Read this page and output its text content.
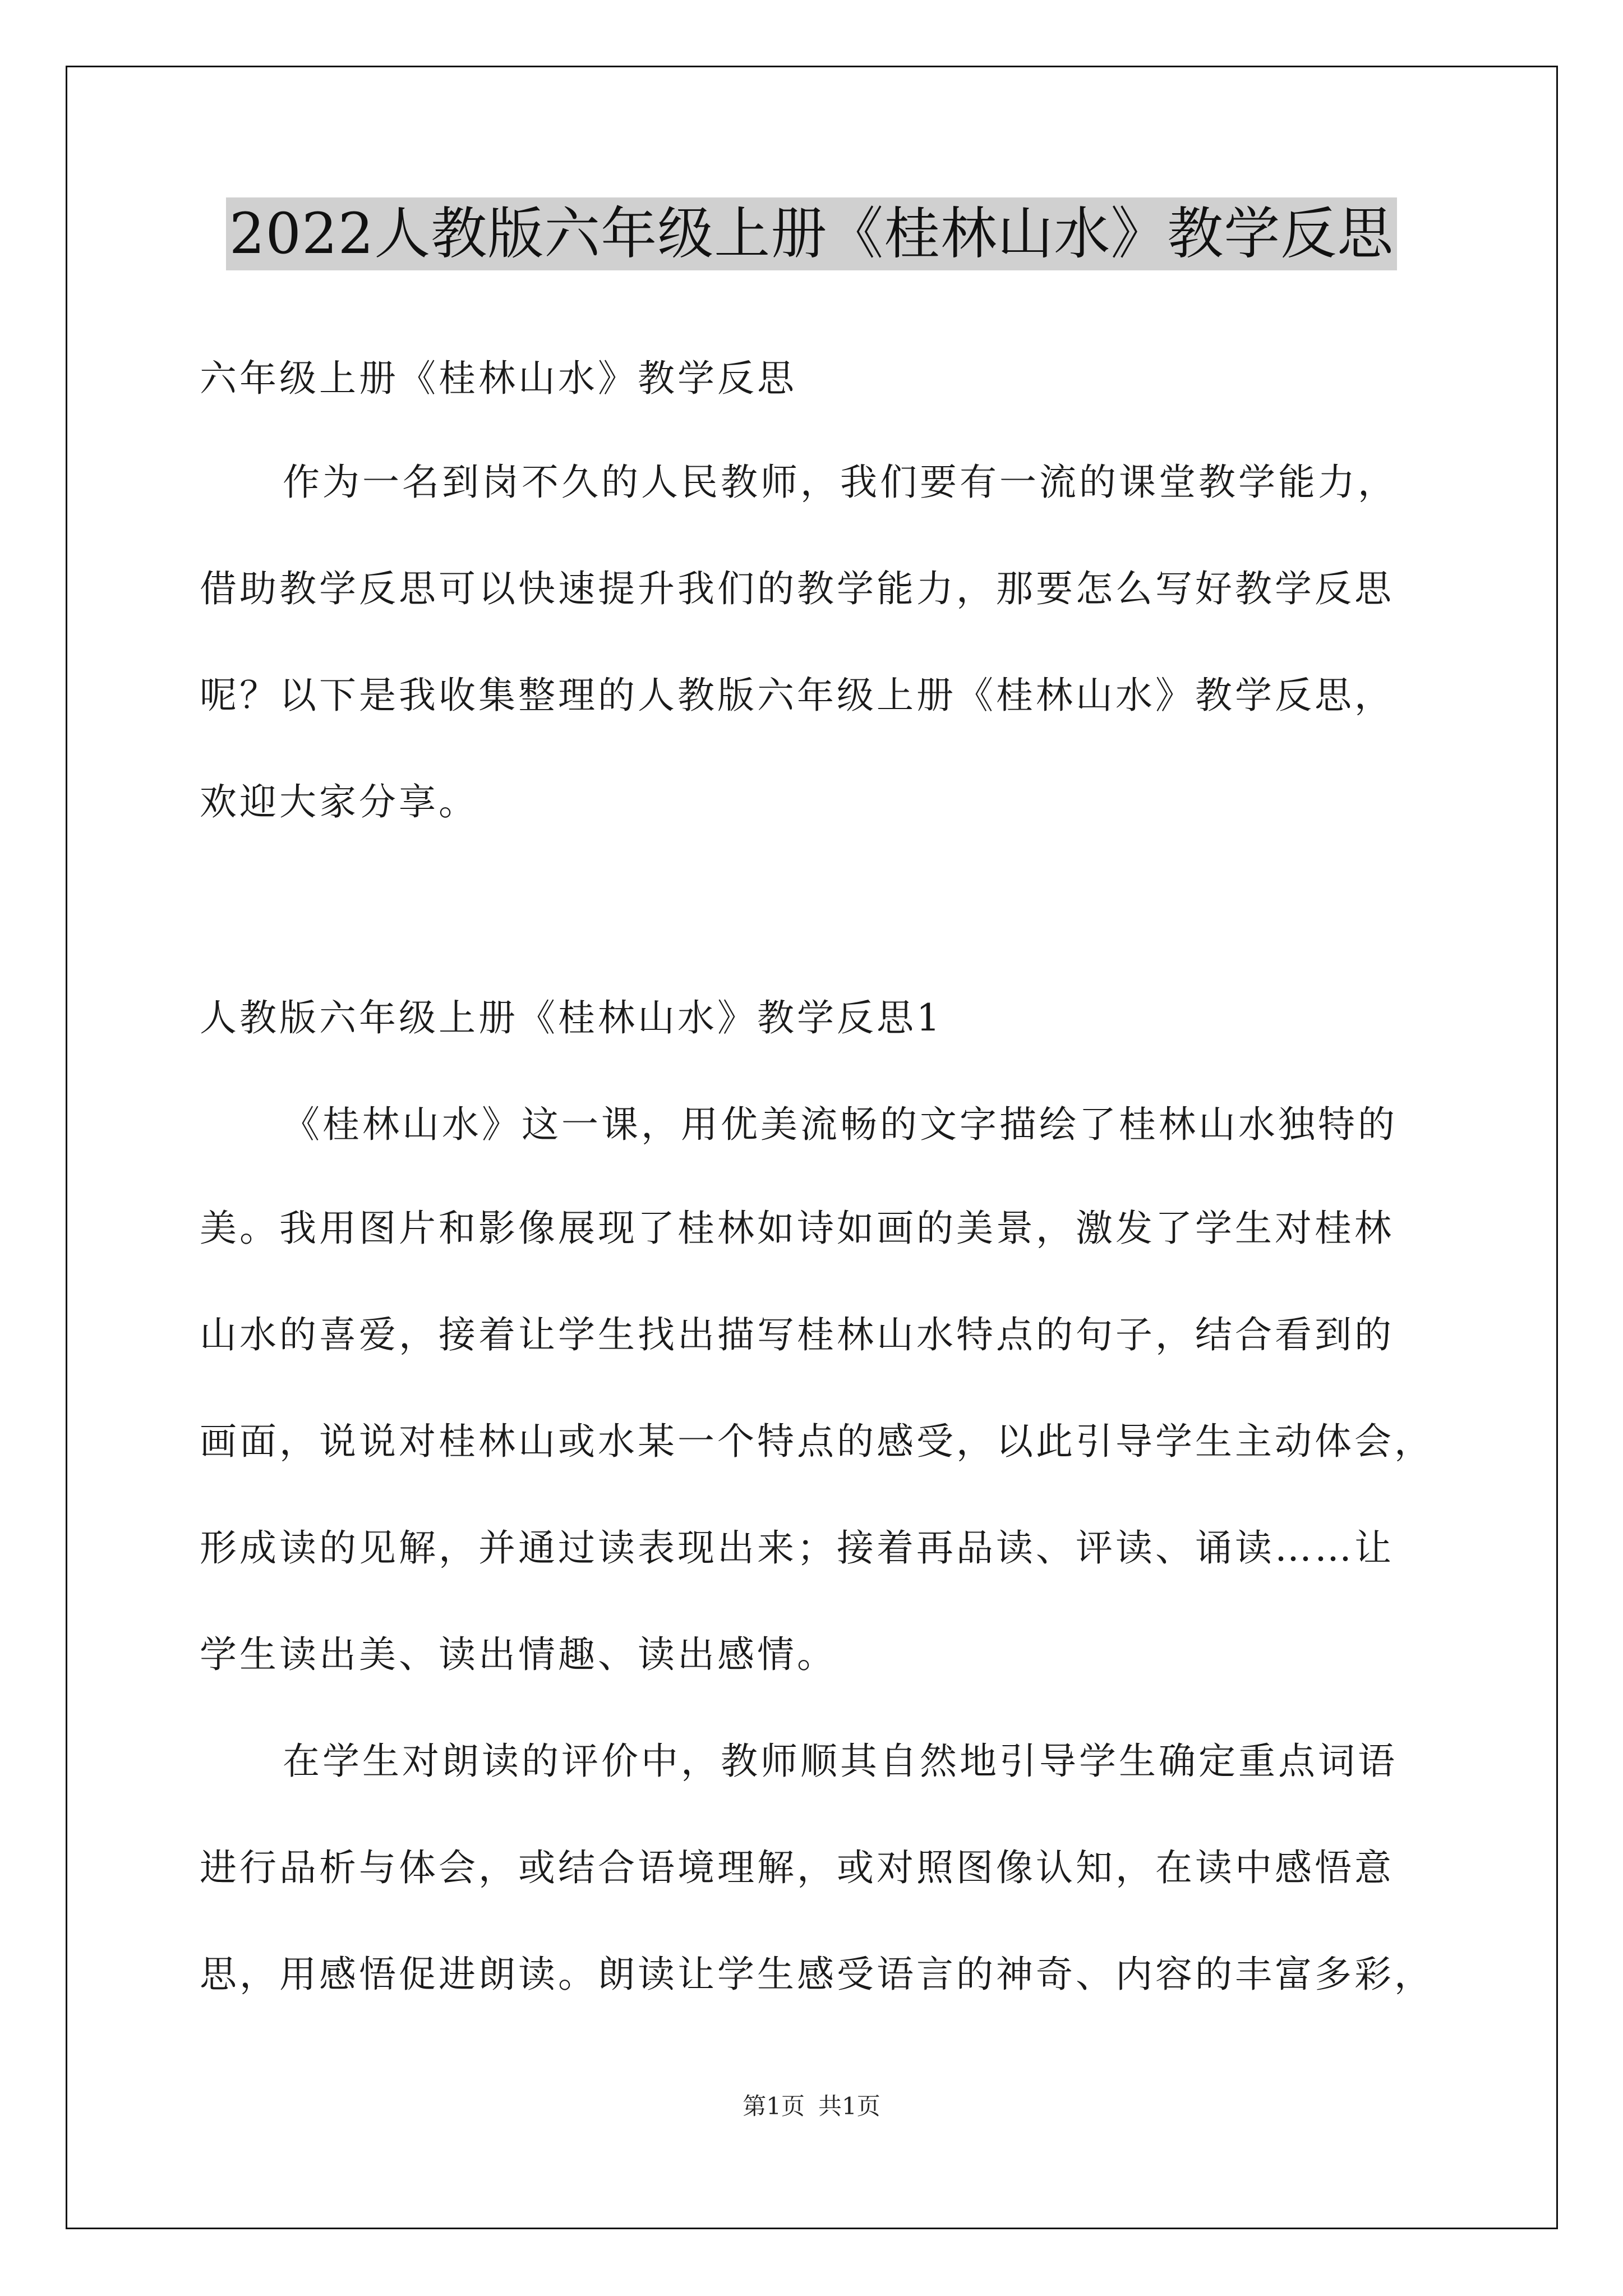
2022人教版六年级上册《桂林山水》教学反思
六年级上册《桂林山水》教学反思
作为一名到岗不久的人民教师，我们要有一流的课堂教学能力，
借助教学反思可以快速提升我们的教学能力，那要怎么写好教学反思
呢？以下是我收集整理的人教版六年级上册《桂林山水》教学反思，
欢迎大家分享。
人教版六年级上册《桂林山水》教学反思1
《桂林山水》这一课，用优美流畅的文字描绘了桂林山水独特的
美。我用图片和影像展现了桂林如诗如画的美景，激发了学生对桂林
山水的喜爱，接着让学生找出描写桂林山水特点的句子，结合看到的
画面，说说对桂林山或水某一个特点的感受，以此引导学生主动体会，
形成读的见解，并通过读表现出来；接着再品读、评读、诵读……让
学生读出美、读出情趣、读出感情。
在学生对朗读的评价中，教师顺其自然地引导学生确定重点词语
进行品析与体会，或结合语境理解，或对照图像认知，在读中感悟意
思，用感悟促进朗读。朗读让学生感受语言的神奇、内容的丰富多彩，
第1页 共1页
